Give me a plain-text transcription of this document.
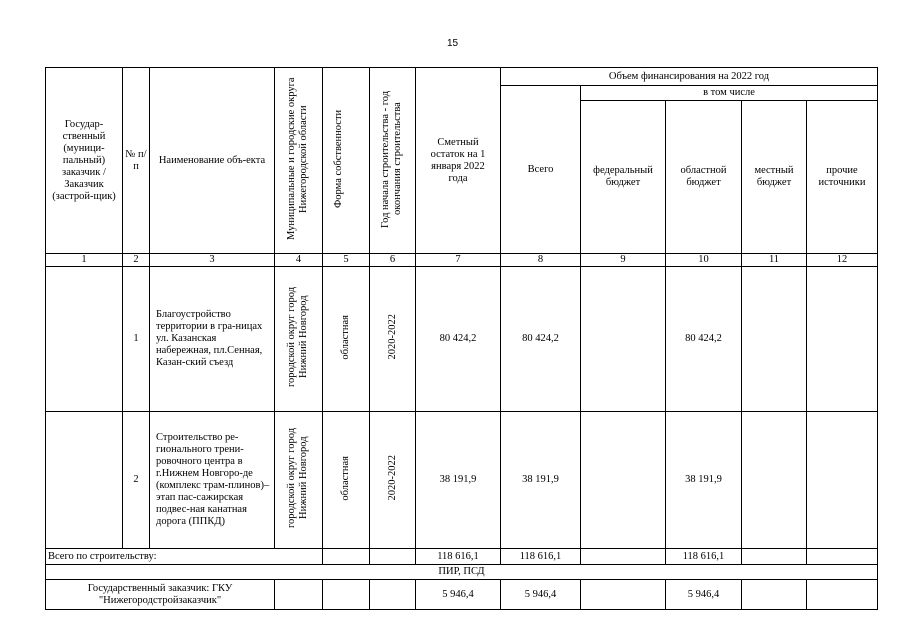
15
Государ-ственный (муници-пальный) заказчик / Заказчик (застрой-щик)	№ п/п	Наименование объ-екта	Муниципальные и городские округа Нижегородской области	Форма собственности	Год начала строительства - год окончания строительства	Сметный остаток на 1 января 2022 года	Объем финансирования на 2022 год				
							Всего	в том числе			
								федеральный бюджет	областной бюджет	местный бюджет	прочие источники
1	2	3	4	5	6	7	8	9	10	11	12
	1	Благоустройство территории в гра-ницах ул. Казанская набережная, пл.Сенная, Казан-ский съезд	городской округ город Нижний Новгород	областная	2020-2022	80 424,2	80 424,2		80 424,2		
	2	Строительство ре-гионального трени-ровочного центра в г.Нижнем Новгоро-де (комплекс трам-плинов)–этап пас-сажирская подвес-ная канатная дорога (ППКД)	городской округ город Нижний Новгород	областная	2020-2022	38 191,9	38 191,9		38 191,9		
Всего по строительству:						118 616,1	118 616,1		118 616,1		
ПИР, ПСД											
Государственный заказчик: ГКУ "Нижегородстройзаказчик"						5 946,4	5 946,4		5 946,4		
